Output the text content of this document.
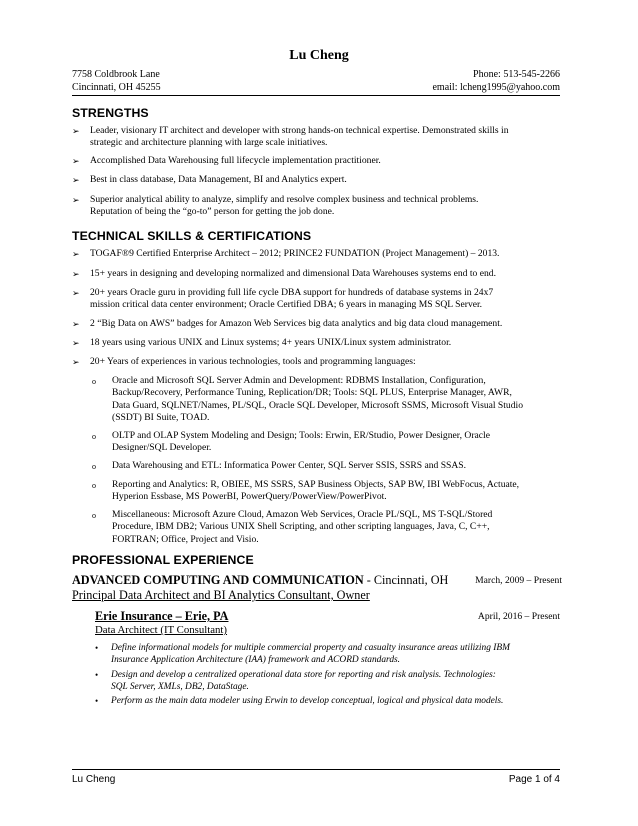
Lu Cheng
7758 Coldbrook Lane	Phone: 513-545-2266
Cincinnati, OH 45255	email: lcheng1995@yahoo.com
STRENGTHS
➢	Leader, visionary IT architect and developer with strong hands-on technical expertise. Demonstrated skills in
strategic and architecture planning with large scale initiatives.
➢	Accomplished Data Warehousing full lifecycle implementation practitioner.
➢	Best in class database, Data Management, BI and Analytics expert.
➢	Superior analytical ability to analyze, simplify and resolve complex business and technical problems.
Reputation of being the “go-to” person for getting the job done.
TECHNICAL SKILLS & CERTIFICATIONS
➢	TOGAF®9 Certified Enterprise Architect – 2012; PRINCE2 FUNDATION (Project Management) – 2013.
➢	15+ years in designing and developing normalized and dimensional Data Warehouses systems end to end.
➢	20+ years Oracle guru in providing full life cycle DBA support for hundreds of database systems in 24x7
mission critical data center environment; Oracle Certified DBA; 6 years in managing MS SQL Server.
➢	2 “Big Data on AWS” badges for Amazon Web Services big data analytics and big data cloud management.
➢	18 years using various UNIX and Linux systems; 4+ years UNIX/Linux system administrator.
➢	20+ Years of experiences in various technologies, tools and programming languages:
o	Oracle and Microsoft SQL Server Admin and Development: RDBMS Installation, Configuration,
Backup/Recovery, Performance Tuning, Replication/DR; Tools: SQL PLUS, Enterprise Manager, AWR,
Data Guard, SQLNET/Names, PL/SQL, Oracle SQL Developer, Microsoft SSMS, Microsoft Visual Studio
(SSDT) BI Suite, TOAD.
o	OLTP and OLAP System Modeling and Design; Tools: Erwin, ER/Studio, Power Designer, Oracle
Designer/SQL Developer.
o	Data Warehousing and ETL: Informatica Power Center, SQL Server SSIS, SSRS and SSAS.
o	Reporting and Analytics: R, OBIEE, MS SSRS, SAP Business Objects, SAP BW, IBI WebFocus, Actuate,
Hyperion Essbase, MS PowerBI, PowerQuery/PowerView/PowerPivot.
o	Miscellaneous: Microsoft Azure Cloud, Amazon Web Services, Oracle PL/SQL, MS T-SQL/Stored
Procedure, IBM DB2; Various UNIX Shell Scripting, and other scripting languages, Java, C, C++,
FORTRAN; Office, Project and Visio.
PROFESSIONAL EXPERIENCE
ADVANCED COMPUTING AND COMMUNICATION - Cincinnati, OH	March, 2009 – Present
Principal Data Architect and BI Analytics Consultant, Owner
Erie Insurance – Erie, PA	April, 2016 – Present
Data Architect (IT Consultant)
•	Define informational models for multiple commercial property and casualty insurance areas utilizing IBM
Insurance Application Architecture (IAA) framework and ACORD standards.
•	Design and develop a centralized operational data store for reporting and risk analysis. Technologies:
SQL Server, XMLs, DB2, DataStage.
•	Perform as the main data modeler using Erwin to develop conceptual, logical and physical data models.
Lu Cheng	Page 1 of 4
